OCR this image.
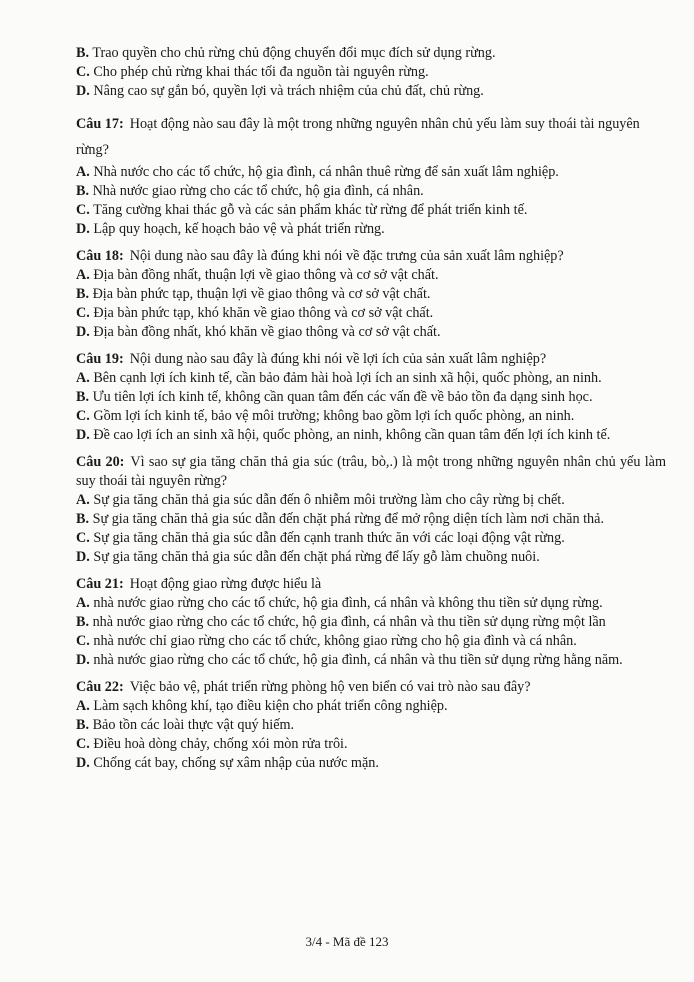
B. Trao quyền cho chủ rừng chủ động chuyển đổi mục đích sử dụng rừng.
C. Cho phép chủ rừng khai thác tối đa nguồn tài nguyên rừng.
D. Nâng cao sự gắn bó, quyền lợi và trách nhiệm của chủ đất, chủ rừng.
Câu 17: Hoạt động nào sau đây là một trong những nguyên nhân chủ yếu làm suy thoái tài nguyên rừng?
A. Nhà nước cho các tổ chức, hộ gia đình, cá nhân thuê rừng để sản xuất lâm nghiệp.
B. Nhà nước giao rừng cho các tổ chức, hộ gia đình, cá nhân.
C. Tăng cường khai thác gỗ và các sản phẩm khác từ rừng để phát triển kinh tế.
D. Lập quy hoạch, kế hoạch bảo vệ và phát triển rừng.
Câu 18: Nội dung nào sau đây là đúng khi nói về đặc trưng của sản xuất lâm nghiệp?
A. Địa bàn đồng nhất, thuận lợi về giao thông và cơ sở vật chất.
B. Địa bàn phức tạp, thuận lợi về giao thông và cơ sở vật chất.
C. Địa bàn phức tạp, khó khăn về giao thông và cơ sở vật chất.
D. Địa bàn đồng nhất, khó khăn về giao thông và cơ sở vật chất.
Câu 19: Nội dung nào sau đây là đúng khi nói về lợi ích của sản xuất lâm nghiệp?
A. Bên cạnh lợi ích kinh tế, cần bảo đảm hài hoà lợi ích an sinh xã hội, quốc phòng, an ninh.
B. Ưu tiên lợi ích kinh tế, không cần quan tâm đến các vấn đề về bảo tồn đa dạng sinh học.
C. Gồm lợi ích kinh tế, bảo vệ môi trường; không bao gồm lợi ích quốc phòng, an ninh.
D. Đề cao lợi ích an sinh xã hội, quốc phòng, an ninh, không cần quan tâm đến lợi ích kinh tế.
Câu 20: Vì sao sự gia tăng chăn thả gia súc (trâu, bò,.) là một trong những nguyên nhân chủ yếu làm suy thoái tài nguyên rừng?
A. Sự gia tăng chăn thả gia súc dẫn đến ô nhiễm môi trường làm cho cây rừng bị chết.
B. Sự gia tăng chăn thả gia súc dẫn đến chặt phá rừng để mở rộng diện tích làm nơi chăn thả.
C. Sự gia tăng chăn thả gia súc dẫn đến cạnh tranh thức ăn với các loại động vật rừng.
D. Sự gia tăng chăn thả gia súc dẫn đến chặt phá rừng để lấy gỗ làm chuồng nuôi.
Câu 21: Hoạt động giao rừng được hiểu là
A. nhà nước giao rừng cho các tổ chức, hộ gia đình, cá nhân và không thu tiền sử dụng rừng.
B. nhà nước giao rừng cho các tổ chức, hộ gia đình, cá nhân và thu tiền sử dụng rừng một lần
C. nhà nước chỉ giao rừng cho các tổ chức, không giao rừng cho hộ gia đình và cá nhân.
D. nhà nước giao rừng cho các tổ chức, hộ gia đình, cá nhân và thu tiền sử dụng rừng hằng năm.
Câu 22: Việc bảo vệ, phát triển rừng phòng hộ ven biển có vai trò nào sau đây?
A. Làm sạch không khí, tạo điều kiện cho phát triển công nghiệp.
B. Bảo tồn các loài thực vật quý hiếm.
C. Điều hoà dòng chảy, chống xói mòn rửa trôi.
D. Chống cát bay, chống sự xâm nhập của nước mặn.
3/4 - Mã đề 123
